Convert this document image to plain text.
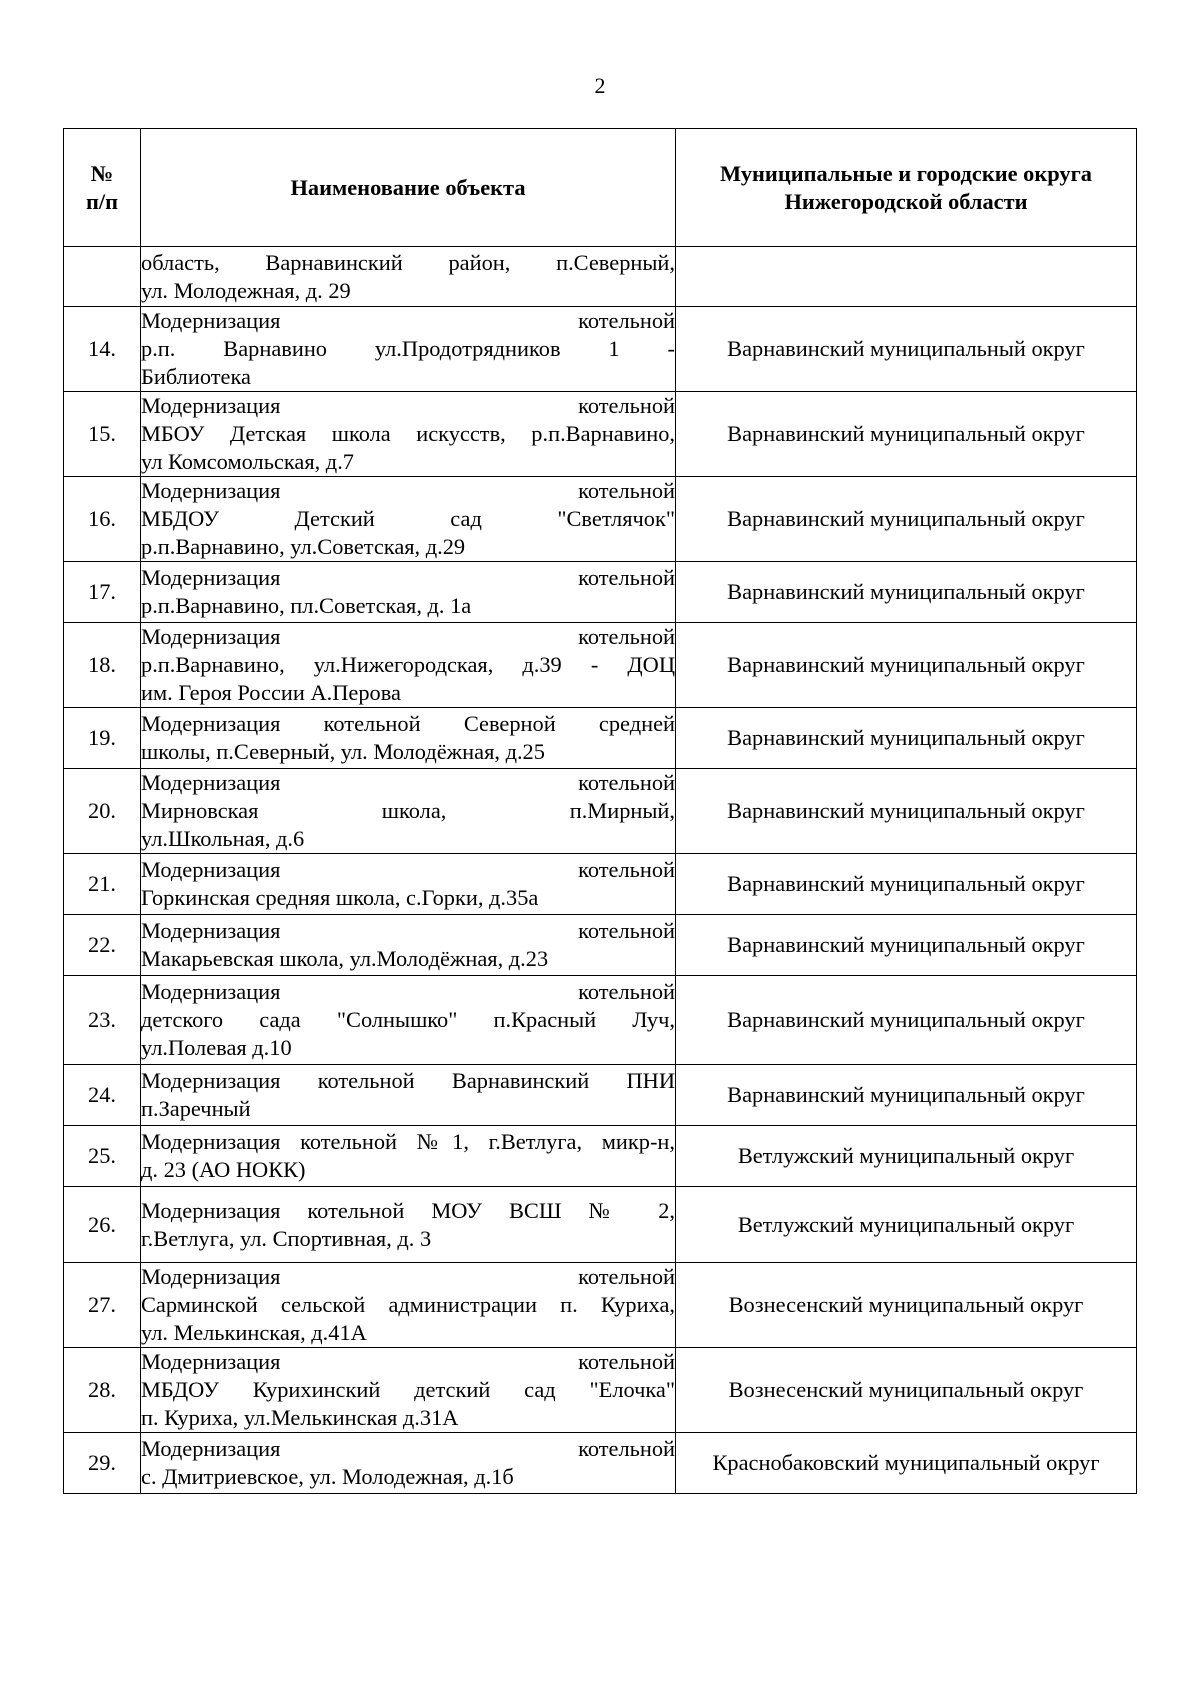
2
№
п/п	Наименование объекта	Муниципальные и городские округа
Нижегородской области

	область, Варнавинский район, п.Северный,
ул. Молодежная, д. 29	

14.	Модернизация котельной
р.п. Варнавино ул.Продотрядников 1 -
Библиотека	Варнавинский муниципальный округ
15.	Модернизация котельной
МБОУ Детская школа искусств, р.п.Варнавино,
ул Комсомольская, д.7	Варнавинский муниципальный округ
16.	Модернизация котельной
МБДОУ Детский сад "Светлячок"
р.п.Варнавино, ул.Советская, д.29	Варнавинский муниципальный округ
17.	Модернизация котельной
р.п.Варнавино, пл.Советская, д. 1а	Варнавинский муниципальный округ
18.	Модернизация котельной
р.п.Варнавино, ул.Нижегородская, д.39 - ДОЦ
им. Героя России А.Перова	Варнавинский муниципальный округ
19.	Модернизация котельной Северной средней
школы, п.Северный, ул. Молодёжная, д.25	Варнавинский муниципальный округ
20.	Модернизация котельной
Мирновская школа, п.Мирный,
ул.Школьная, д.6	Варнавинский муниципальный округ
21.	Модернизация котельной
Горкинская средняя школа, с.Горки, д.35а	Варнавинский муниципальный округ
22.	Модернизация котельной
Макарьевская школа, ул.Молодёжная, д.23	Варнавинский муниципальный округ
23.	Модернизация котельной
детского сада "Солнышко" п.Красный Луч,
ул.Полевая д.10	Варнавинский муниципальный округ
24.	Модернизация котельной Варнавинский ПНИ
п.Заречный	Варнавинский муниципальный округ
25.	Модернизация котельной №1, г.Ветлуга, микр-н,
д. 23 (АО НОКК)	Ветлужский муниципальный округ
26.	Модернизация котельной МОУ ВСШ № 2,
г.Ветлуга, ул. Спортивная, д. 3	Ветлужский муниципальный округ
27.	Модернизация котельной
Сарминской сельской администрации п. Куриха,
ул. Мелькинская, д.41А	Вознесенский муниципальный округ
28.	Модернизация котельной
МБДОУ Курихинский детский сад "Елочка"
п. Куриха, ул.Мелькинская д.31А	Вознесенский муниципальный округ
29.	Модернизация котельной
с. Дмитриевское, ул. Молодежная, д.1б	Краснобаковский муниципальный округ
